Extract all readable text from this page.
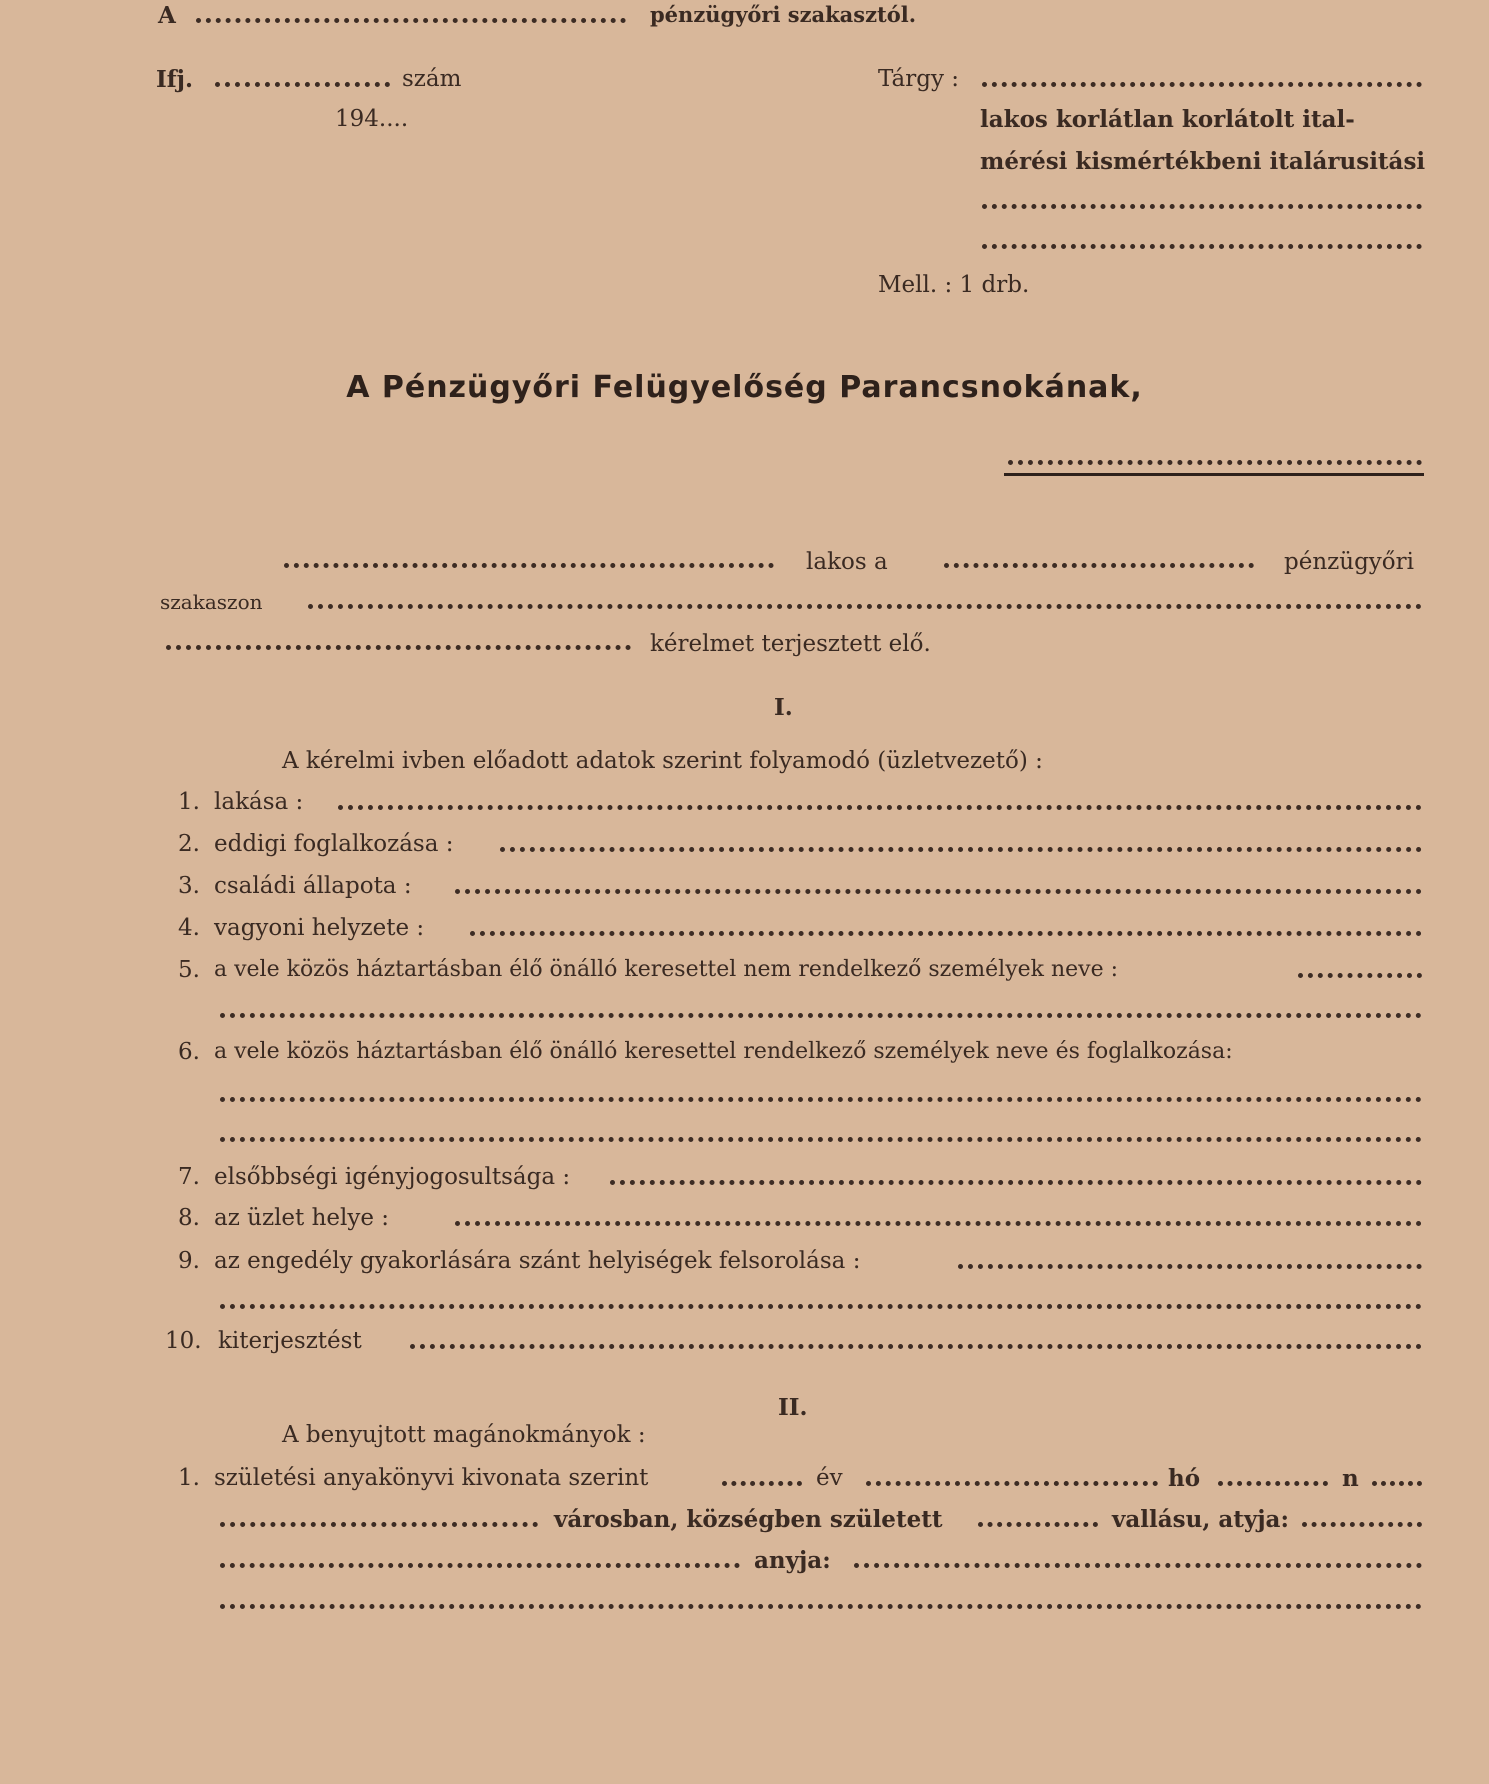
A	pénzügyőri szakasztól.
Ifj.	szám
194....
Tárgy :
lakos korlátlan korlátolt ital-
mérési kismértékbeni italárusitási
Mell. : 1 drb.
A Pénzügyőri Felügyelőség Parancsnokának,
lakos a	pénzügyőri
szakaszon
kérelmet terjesztett elő.
I.
A kérelmi ivben előadott adatok szerint folyamodó (üzletvezető) :
1. lakása :
2. eddigi foglalkozása :
3. családi állapota :
4. vagyoni helyzete :
5. a vele közös háztartásban élő önálló keresettel nem rendelkező személyek neve :
6. a vele közös háztartásban élő önálló keresettel rendelkező személyek neve és foglalkozása:
7. elsőbbségi igényjogosultsága :
8. az üzlet helye :
9. az engedély gyakorlására szánt helyiségek felsorolása :
10. kiterjesztést
II.
A benyujtott magánokmányok :
1. születési anyakönyvi kivonata szerint	év	hó	n
városban, községben született	vallásu, atyja:
anyja:
